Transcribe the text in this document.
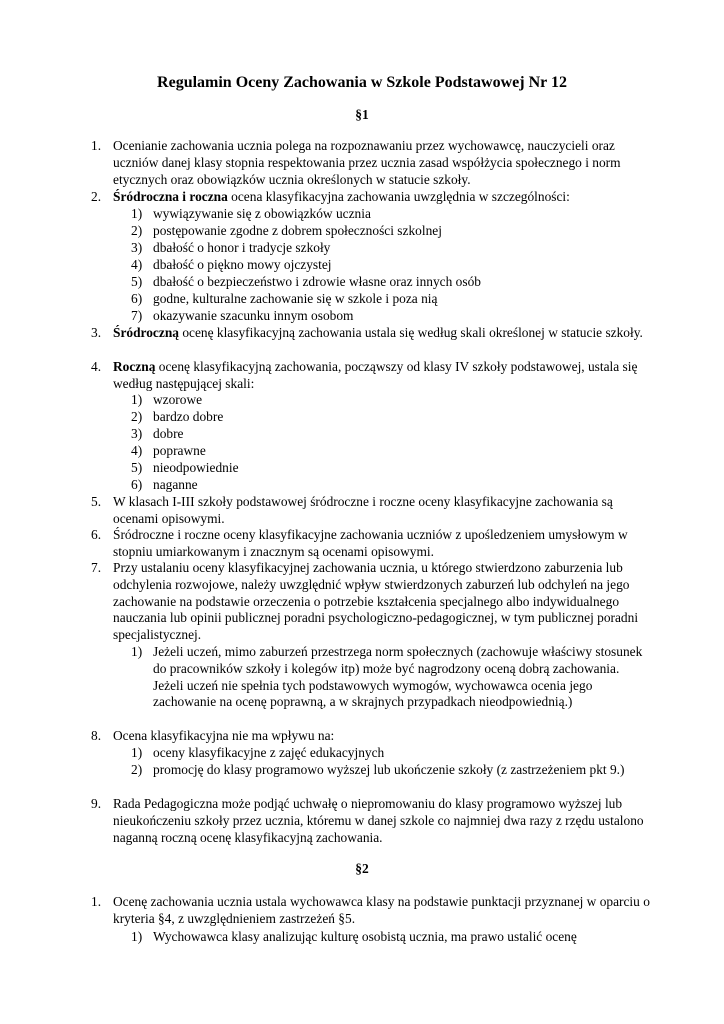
Regulamin Oceny Zachowania w Szkole Podstawowej Nr 12
§1
1. Ocenianie zachowania ucznia polega na rozpoznawaniu przez wychowawcę, nauczycieli oraz uczniów danej klasy stopnia respektowania przez ucznia zasad współżycia społecznego i norm etycznych oraz obowiązków ucznia określonych w statucie szkoły.
2. Śródroczna i roczna ocena klasyfikacyjna zachowania uwzględnia w szczególności:
1) wywiązywanie się z obowiązków ucznia
2) postępowanie zgodne z dobrem społeczności szkolnej
3) dbałość o honor i tradycje szkoły
4) dbałość o piękno mowy ojczystej
5) dbałość o bezpieczeństwo i zdrowie własne oraz innych osób
6) godne, kulturalne zachowanie się w szkole i poza nią
7) okazywanie szacunku innym osobom
3. Śródroczną ocenę klasyfikacyjną zachowania ustala się według skali określonej w statucie szkoły.
4. Roczną ocenę klasyfikacyjną zachowania, począwszy od klasy IV szkoły podstawowej, ustala się według następującej skali:
1) wzorowe
2) bardzo dobre
3) dobre
4) poprawne
5) nieodpowiednie
6) naganne
5. W klasach I-III szkoły podstawowej śródroczne i roczne oceny klasyfikacyjne zachowania są ocenami opisowymi.
6. Śródroczne i roczne oceny klasyfikacyjne zachowania uczniów z upośledzeniem umysłowym w stopniu umiarkowanym i znacznym są ocenami opisowymi.
7. Przy ustalaniu oceny klasyfikacyjnej zachowania ucznia, u którego stwierdzono zaburzenia lub odchylenia rozwojowe, należy uwzględnić wpływ stwierdzonych zaburzeń lub odchyleń na jego zachowanie na podstawie orzeczenia o potrzebie kształcenia specjalnego albo indywidualnego nauczania lub opinii publicznej poradni psychologiczno-pedagogicznej, w tym publicznej poradni specjalistycznej.
1) Jeżeli uczeń, mimo zaburzeń przestrzega norm społecznych (zachowuje właściwy stosunek do pracowników szkoły i kolegów itp) może być nagrodzony oceną dobrą zachowania. Jeżeli uczeń nie spełnia tych podstawowych wymogów, wychowawca ocenia jego zachowanie na ocenę poprawną, a w skrajnych przypadkach nieodpowiednią.)
8. Ocena klasyfikacyjna nie ma wpływu na:
1) oceny klasyfikacyjne z zajęć edukacyjnych
2) promocję do klasy programowo wyższej lub ukończenie szkoły (z zastrzeżeniem pkt 9.)
9. Rada Pedagogiczna może podjąć uchwałę o niepromowaniu do klasy programowo wyższej lub nieukończeniu szkoły przez ucznia, któremu w danej szkole co najmniej dwa razy z rzędu ustalono naganną roczną ocenę klasyfikacyjną zachowania.
§2
1. Ocenę zachowania ucznia ustala wychowawca klasy na podstawie punktacji przyznanej w oparciu o kryteria §4, z uwzględnieniem zastrzeżeń §5.
1) Wychowawca klasy analizując kulturę osobistą ucznia, ma prawo ustalić ocenę
